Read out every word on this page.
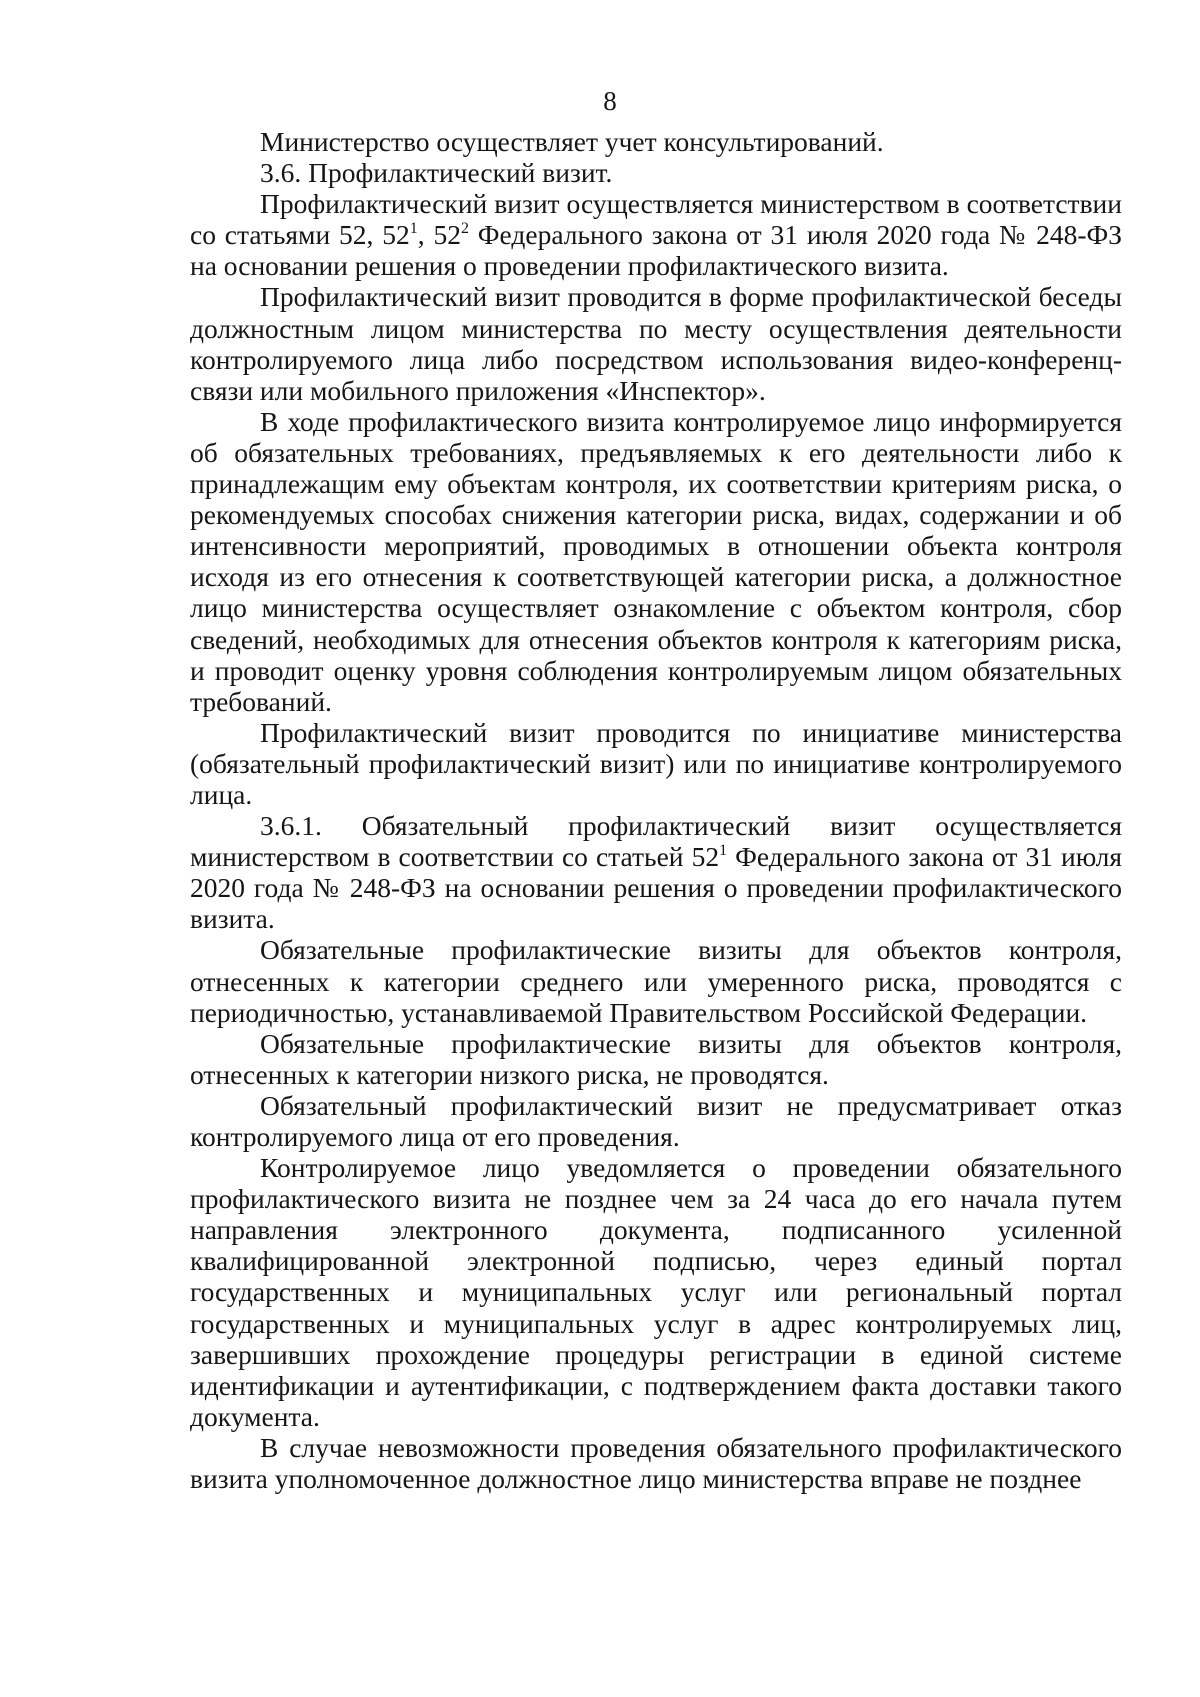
8

Министерство осуществляет учет консультирований.

3.6. Профилактический визит.

Профилактический визит осуществляется министерством в соответствии со статьями 52, $52^1$, $52^2$ Федерального закона от 31 июля 2020 года № 248-ФЗ на основании решения о проведении профилактического визита.

Профилактический визит проводится в форме профилактической беседы должностным лицом министерства по месту осуществления деятельности контролируемого лица либо посредством использования видео-конференц-связи или мобильного приложения «Инспектор».

В ходе профилактического визита контролируемое лицо информируется об обязательных требованиях, предъявляемых к его деятельности либо к принадлежащим ему объектам контроля, их соответствии критериям риска, о рекомендуемых способах снижения категории риска, видах, содержании и об интенсивности мероприятий, проводимых в отношении объекта контроля исходя из его отнесения к соответствующей категории риска, а должностное лицо министерства осуществляет ознакомление с объектом контроля, сбор сведений, необходимых для отнесения объектов контроля к категориям риска, и проводит оценку уровня соблюдения контролируемым лицом обязательных требований.

Профилактический визит проводится по инициативе министерства (обязательный профилактический визит) или по инициативе контролируемого лица.

3.6.1. Обязательный профилактический визит осуществляется министерством в соответствии со статьей $52^1$ Федерального закона от 31 июля 2020 года № 248-ФЗ на основании решения о проведении профилактического визита.

Обязательные профилактические визиты для объектов контроля, отнесенных к категории среднего или умеренного риска, проводятся с периодичностью, устанавливаемой Правительством Российской Федерации.

Обязательные профилактические визиты для объектов контроля, отнесенных к категории низкого риска, не проводятся.

Обязательный профилактический визит не предусматривает отказ контролируемого лица от его проведения.

Контролируемое лицо уведомляется о проведении обязательного профилактического визита не позднее чем за 24 часа до его начала путем направления электронного документа, подписанного усиленной квалифицированной электронной подписью, через единый портал государственных и муниципальных услуг или региональный портал государственных и муниципальных услуг в адрес контролируемых лиц, завершивших прохождение процедуры регистрации в единой системе идентификации и аутентификации, с подтверждением факта доставки такого документа.

В случае невозможности проведения обязательного профилактического визита уполномоченное должностное лицо министерства вправе не позднее
